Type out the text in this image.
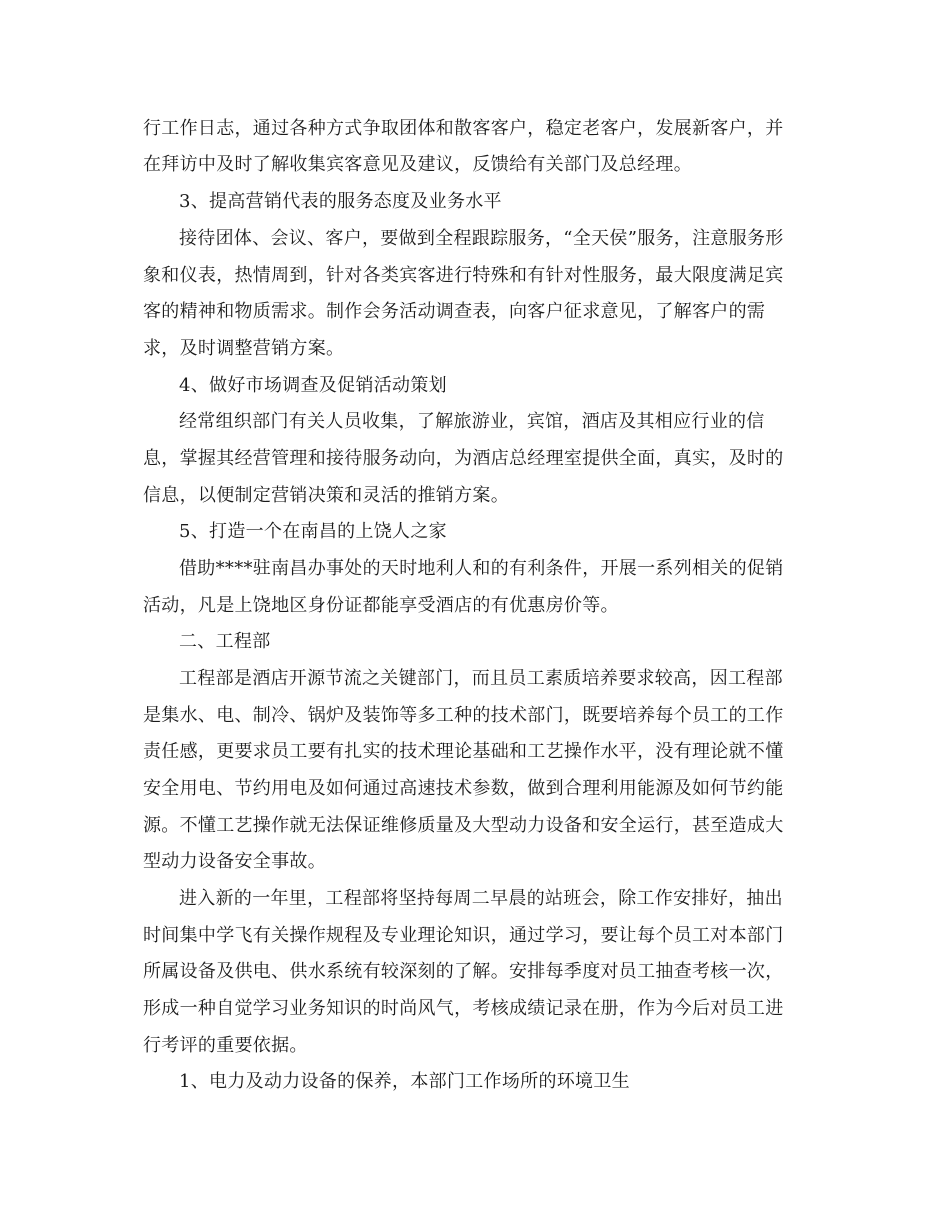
行工作日志，通过各种方式争取团体和散客客户，稳定老客户，发展新客户，并
在拜访中及时了解收集宾客意见及建议，反馈给有关部门及总经理。
3、提高营销代表的服务态度及业务水平
接待团体、会议、客户，要做到全程跟踪服务，“全天侯”服务，注意服务形
象和仪表，热情周到，针对各类宾客进行特殊和有针对性服务，最大限度满足宾
客的精神和物质需求。制作会务活动调查表，向客户征求意见，了解客户的需
求，及时调整营销方案。
4、做好市场调查及促销活动策划
经常组织部门有关人员收集，了解旅游业，宾馆，酒店及其相应行业的信
息，掌握其经营管理和接待服务动向，为酒店总经理室提供全面，真实，及时的
信息，以便制定营销决策和灵活的推销方案。
5、打造一个在南昌的上饶人之家
借助****驻南昌办事处的天时地利人和的有利条件，开展一系列相关的促销
活动，凡是上饶地区身份证都能享受酒店的有优惠房价等。
二、工程部
工程部是酒店开源节流之关键部门，而且员工素质培养要求较高，因工程部
是集水、电、制冷、锅炉及装饰等多工种的技术部门，既要培养每个员工的工作
责任感，更要求员工要有扎实的技术理论基础和工艺操作水平，没有理论就不懂
安全用电、节约用电及如何通过高速技术参数，做到合理利用能源及如何节约能
源。不懂工艺操作就无法保证维修质量及大型动力设备和安全运行，甚至造成大
型动力设备安全事故。
进入新的一年里，工程部将坚持每周二早晨的站班会，除工作安排好，抽出
时间集中学飞有关操作规程及专业理论知识，通过学习，要让每个员工对本部门
所属设备及供电、供水系统有较深刻的了解。安排每季度对员工抽查考核一次，
形成一种自觉学习业务知识的时尚风气，考核成绩记录在册，作为今后对员工进
行考评的重要依据。
1、电力及动力设备的保养，本部门工作场所的环境卫生
